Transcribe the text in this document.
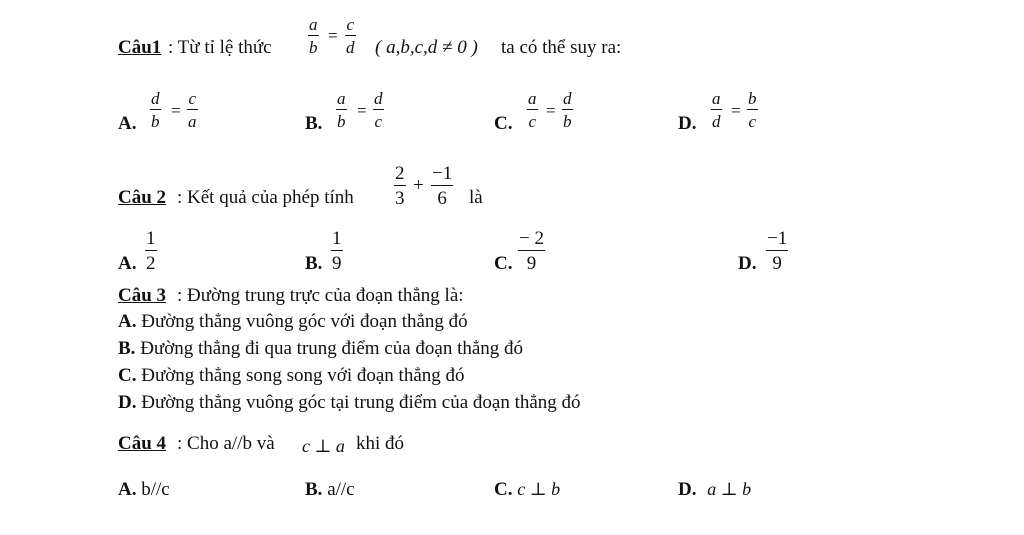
Câu1 : Từ tỉ lệ thức $\frac{a}{b} = \frac{c}{d}$ ( a,b,c,d ≠ 0 ) ta có thể suy ra:
A. $\frac{d}{b} = \frac{c}{a}$	B. $\frac{a}{b} = \frac{d}{c}$	C. $\frac{a}{c} = \frac{d}{b}$	D. $\frac{a}{d} = \frac{b}{c}$
Câu 2 : Kết quả của phép tính $\frac{2}{3} + \frac{-1}{6}$ là
A. $\frac{1}{2}$	B. $\frac{1}{9}$	C. $\frac{- 2}{9}$	D. $\frac{-1}{9}$
Câu 3 : Đường trung trực của đoạn thẳng là:
A. Đường thẳng vuông góc với đoạn thẳng đó
B. Đường thẳng đi qua trung điểm của đoạn thẳng đó
C. Đường thẳng song song với đoạn thẳng đó
D. Đường thẳng vuông góc tại trung điểm của đoạn thẳng đó
Câu 4 : Cho a//b và c ⊥ a khi đó
A. b//c	B. a//c	C. c ⊥ b	D. a ⊥ b
